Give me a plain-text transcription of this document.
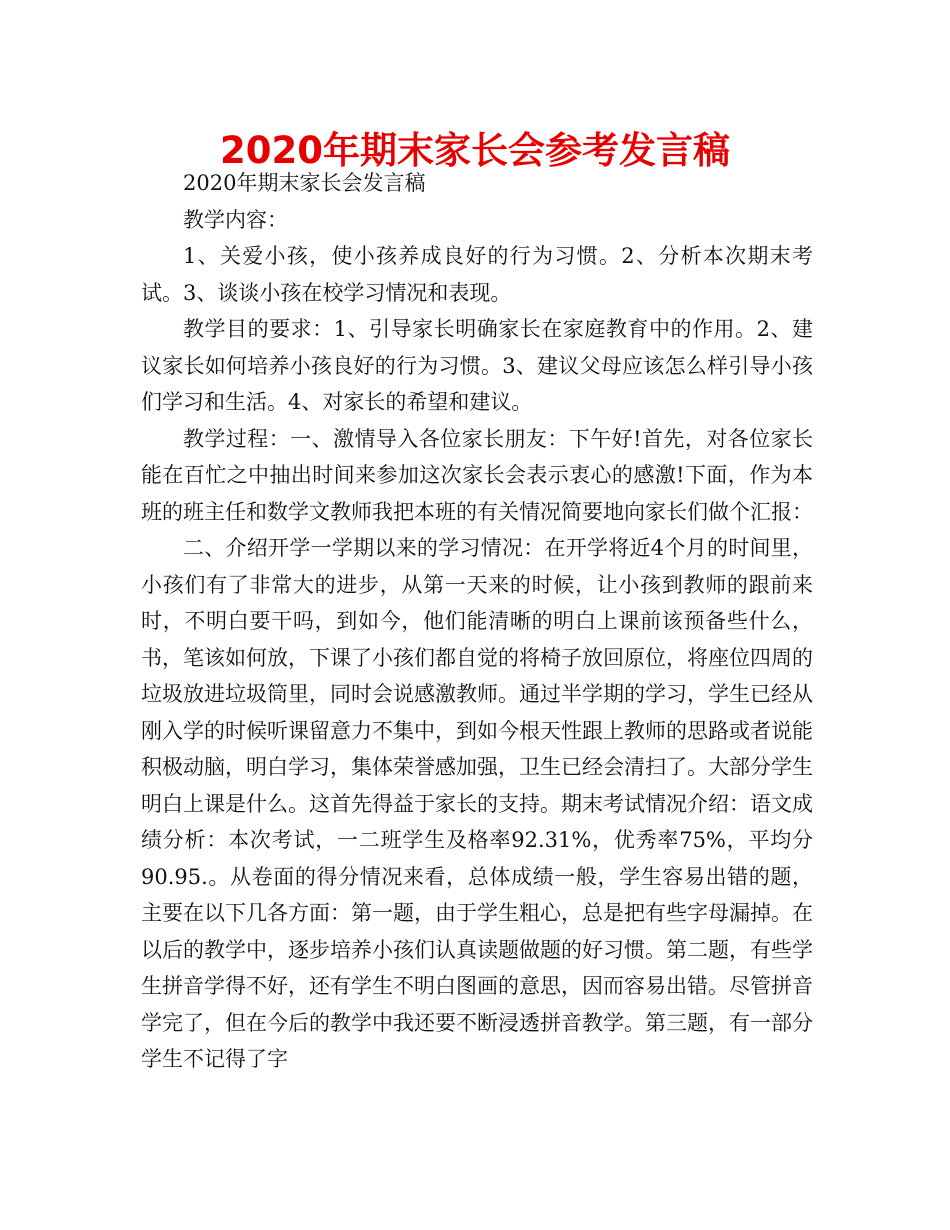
2020年期末家长会参考发言稿

2020年期末家长会发言稿

教学内容：

1、关爱小孩，使小孩养成良好的行为习惯。2、分析本次期末考试。3、谈谈小孩在校学习情况和表现。

教学目的要求：1、引导家长明确家长在家庭教育中的作用。2、建议家长如何培养小孩良好的行为习惯。3、建议父母应该怎么样引导小孩们学习和生活。4、对家长的希望和建议。

教学过程：一、激情导入各位家长朋友：下午好!首先，对各位家长能在百忙之中抽出时间来参加这次家长会表示衷心的感激!下面，作为本班的班主任和数学文教师我把本班的有关情况简要地向家长们做个汇报：

二、介绍开学一学期以来的学习情况：在开学将近4个月的时间里，小孩们有了非常大的进步，从第一天来的时候，让小孩到教师的跟前来时，不明白要干吗，到如今，他们能清晰的明白上课前该预备些什么，书，笔该如何放，下课了小孩们都自觉的将椅子放回原位，将座位四周的垃圾放进垃圾筒里，同时会说感激教师。通过半学期的学习，学生已经从刚入学的时候听课留意力不集中，到如今根天性跟上教师的思路或者说能积极动脑，明白学习，集体荣誉感加强，卫生已经会清扫了。大部分学生明白上课是什么。这首先得益于家长的支持。期末考试情况介绍：语文成绩分析：本次考试，一二班学生及格率92.31%，优秀率75%，平均分90.95.。从卷面的得分情况来看，总体成绩一般，学生容易出错的题，主要在以下几各方面：第一题，由于学生粗心，总是把有些字母漏掉。在以后的教学中，逐步培养小孩们认真读题做题的好习惯。第二题，有些学生拼音学得不好，还有学生不明白图画的意思，因而容易出错。尽管拼音学完了，但在今后的教学中我还要不断浸透拼音教学。第三题，有一部分学生不记得了字
